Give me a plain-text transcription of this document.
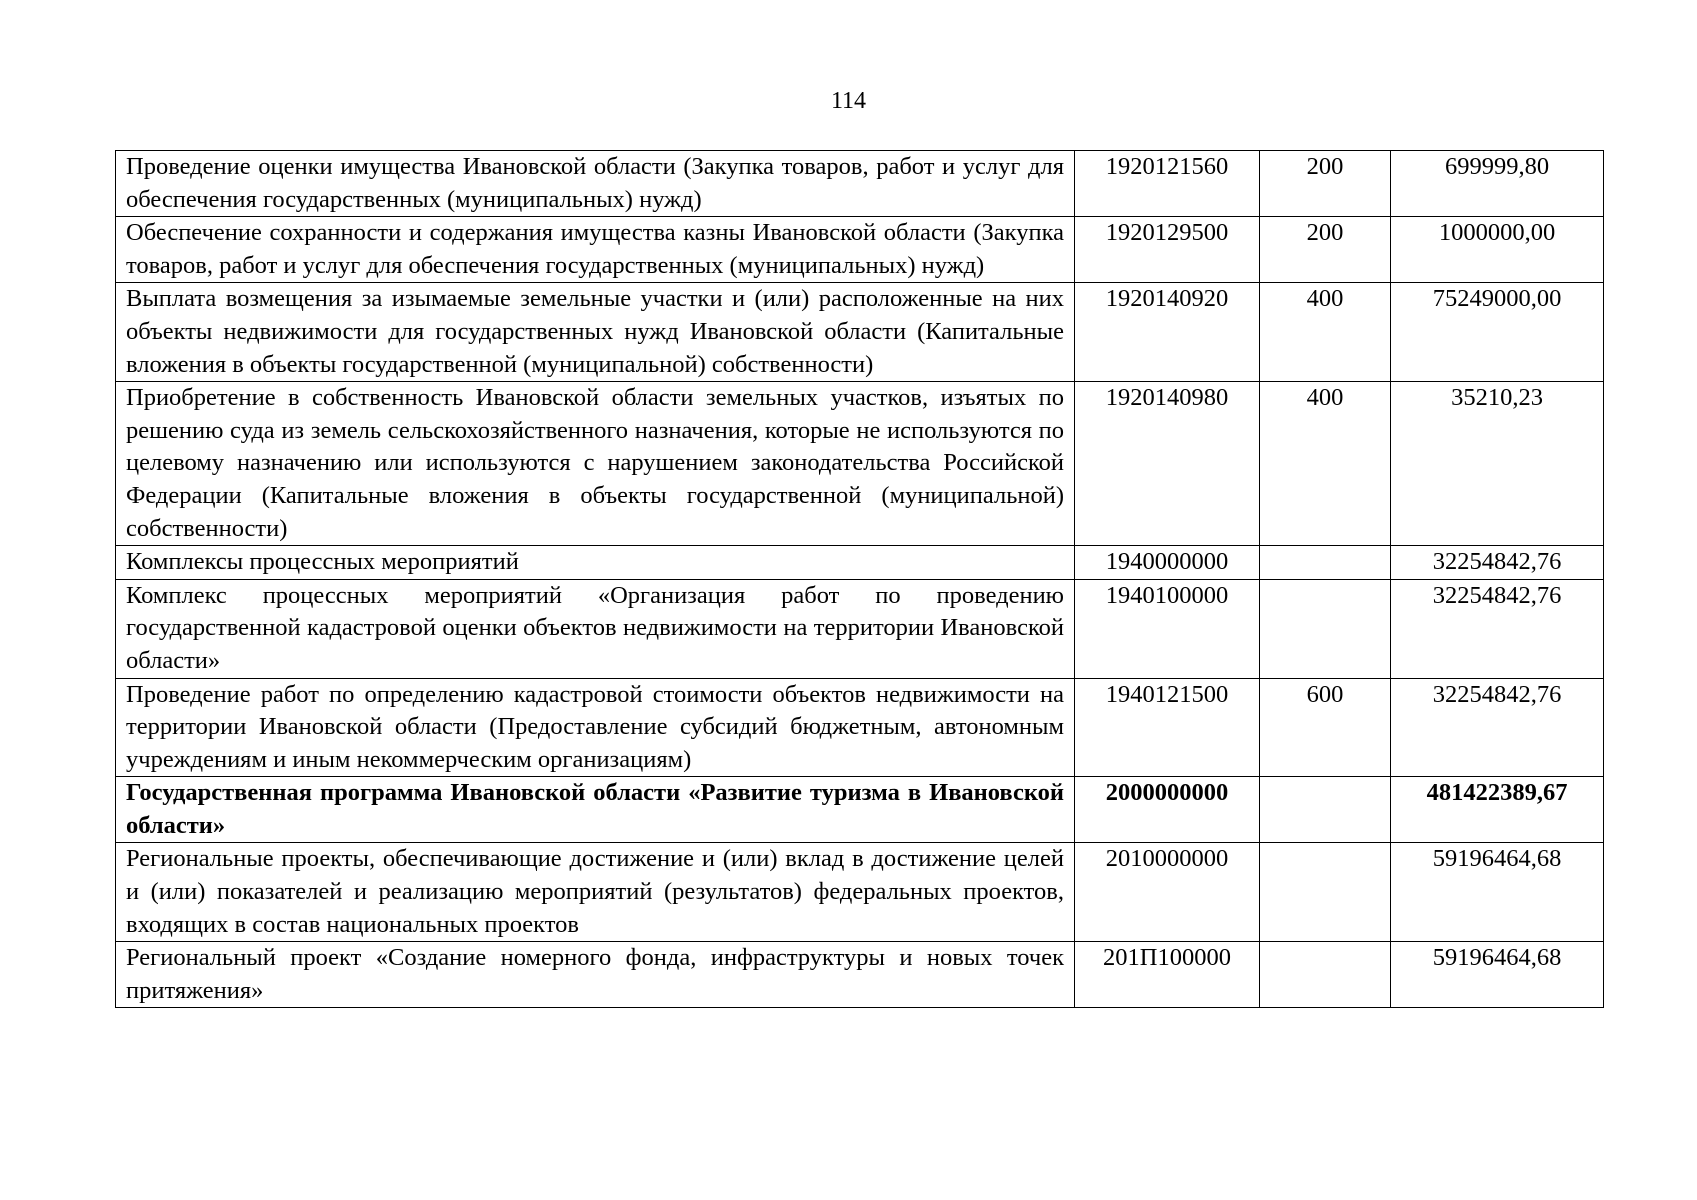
114
Проведение оценки имущества Ивановской области (Закупка товаров, работ и услуг для обеспечения государственных (муниципальных) нужд)	1920121560	200	699999,80
Обеспечение сохранности и содержания имущества казны Ивановской области (Закупка товаров, работ и услуг для обеспечения государственных (муниципальных) нужд)	1920129500	200	1000000,00
Выплата возмещения за изымаемые земельные участки и (или) расположенные на них объекты недвижимости для государственных нужд Ивановской области (Капитальные вложения в объекты государственной (муниципальной) собственности)	1920140920	400	75249000,00
Приобретение в собственность Ивановской области земельных участков, изъятых по решению суда из земель сельскохозяйственного назначения, которые не используются по целевому назначению или используются с нарушением законодательства Российской Федерации (Капитальные вложения в объекты государственной (муниципальной) собственности)	1920140980	400	35210,23
Комплексы процессных мероприятий	1940000000		32254842,76
Комплекс процессных мероприятий «Организация работ по проведению государственной кадастровой оценки объектов недвижимости на территории Ивановской области»	1940100000		32254842,76
Проведение работ по определению кадастровой стоимости объектов недвижимости на территории Ивановской области (Предоставление субсидий бюджетным, автономным учреждениям и иным некоммерческим организациям)	1940121500	600	32254842,76
Государственная программа Ивановской области «Развитие туризма в Ивановской области»	2000000000		481422389,67
Региональные проекты, обеспечивающие достижение и (или) вклад в достижение целей и (или) показателей и реализацию мероприятий (результатов) федеральных проектов, входящих в состав национальных проектов	2010000000		59196464,68
Региональный проект «Создание номерного фонда, инфраструктуры и новых точек притяжения»	201П100000		59196464,68
